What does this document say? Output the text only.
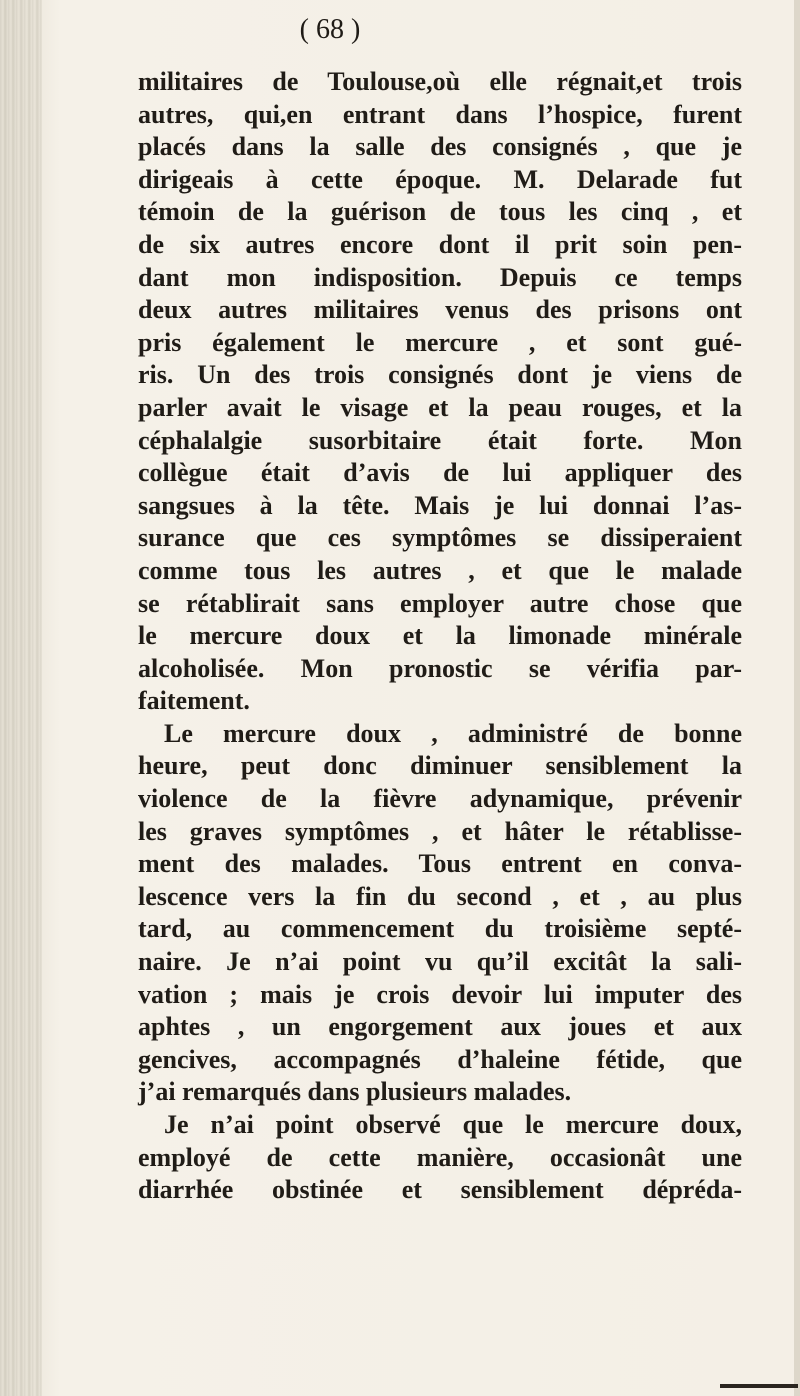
( 68 )
militaires de Toulouse,où elle régnait,et trois
autres, qui,en entrant dans l’hospice, furent
placés dans la salle des consignés , que je
dirigeais à cette époque. M. Delarade fut
témoin de la guérison de tous les cinq , et
de six autres encore dont il prit soin pen-
dant mon indisposition. Depuis ce temps
deux autres militaires venus des prisons ont
pris également le mercure , et sont gué-
ris. Un des trois consignés dont je viens de
parler avait le visage et la peau rouges, et la
céphalalgie susorbitaire était forte. Mon
collègue était d’avis de lui appliquer des
sangsues à la tête. Mais je lui donnai l’as-
surance que ces symptômes se dissiperaient
comme tous les autres , et que le malade
se rétablirait sans employer autre chose que
le mercure doux et la limonade minérale
alcoholisée. Mon pronostic se vérifia par-
faitement.
Le mercure doux , administré de bonne
heure, peut donc diminuer sensiblement la
violence de la fièvre adynamique, prévenir
les graves symptômes , et hâter le rétablisse-
ment des malades. Tous entrent en conva-
lescence vers la fin du second , et , au plus
tard, au commencement du troisième septé-
naire. Je n’ai point vu qu’il excitât la sali-
vation ; mais je crois devoir lui imputer des
aphtes , un engorgement aux joues et aux
gencives, accompagnés d’haleine fétide, que
j’ai remarqués dans plusieurs malades.
Je n’ai point observé que le mercure doux,
employé de cette manière, occasionât une
diarrhée obstinée et sensiblement dépréda-
